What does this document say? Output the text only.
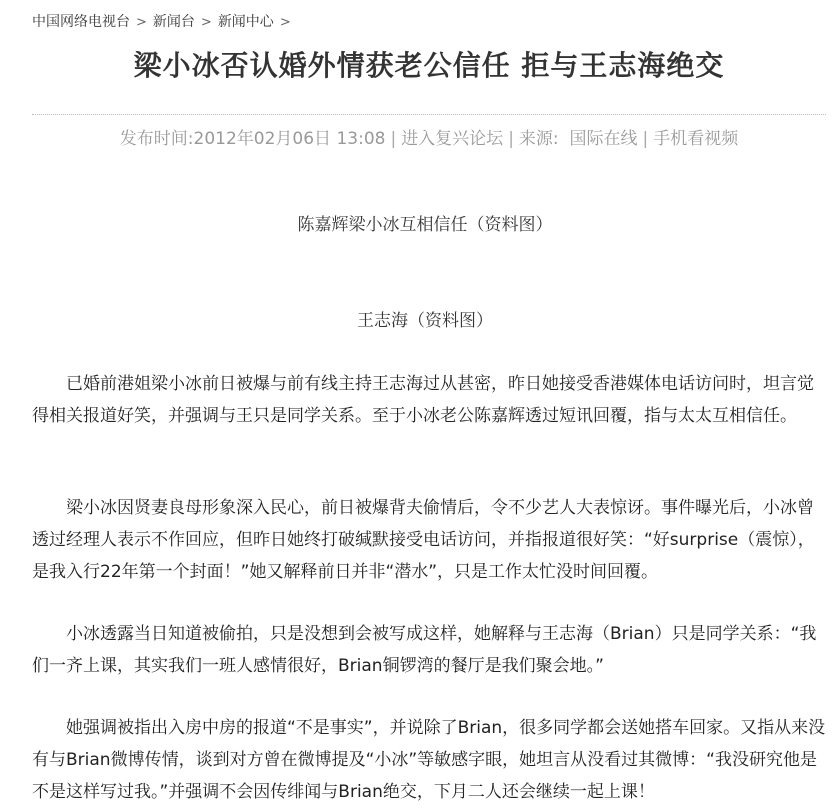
中国网络电视台 > 新闻台 > 新闻中心 >
梁小冰否认婚外情获老公信任 拒与王志海绝交
发布时间:2012年02月06日 13:08 | 进入复兴论坛 | 来源: 国际在线 | 手机看视频
陈嘉辉梁小冰互相信任（资料图）
王志海（资料图）

已婚前港姐梁小冰前日被爆与前有线主持王志海过从甚密，昨日她接受香港媒体电话访问时，坦言觉得相关报道好笑，并强调与王只是同学关系。至于小冰老公陈嘉辉透过短讯回覆，指与太太互相信任。

梁小冰因贤妻良母形象深入民心，前日被爆背夫偷情后，令不少艺人大表惊讶。事件曝光后，小冰曾透过经理人表示不作回应，但昨日她终打破缄默接受电话访问，并指报道很好笑：“好surprise（震惊），是我入行22年第一个封面！”她又解释前日并非“潜水”，只是工作太忙没时间回覆。

小冰透露当日知道被偷拍，只是没想到会被写成这样，她解释与王志海（Brian）只是同学关系：“我们一齐上课，其实我们一班人感情很好，Brian铜锣湾的餐厅是我们聚会地。”

她强调被指出入房中房的报道“不是事实”，并说除了Brian，很多同学都会送她搭车回家。又指从来没有与Brian微博传情，谈到对方曾在微博提及“小冰”等敏感字眼，她坦言从没看过其微博：“我没研究他是不是这样写过我。”并强调不会因传绯闻与Brian绝交，下月二人还会继续一起上课！
